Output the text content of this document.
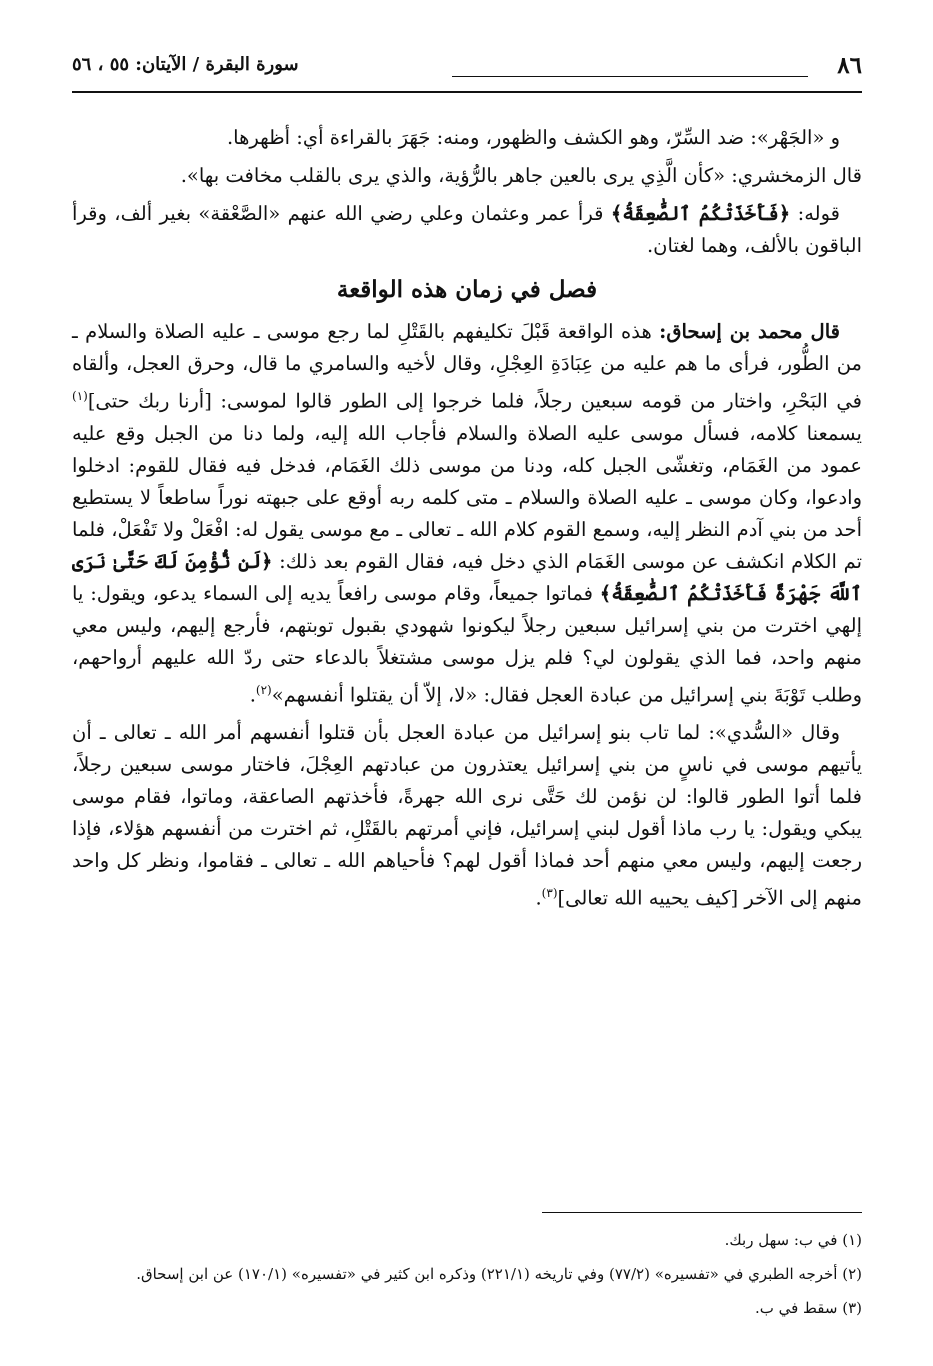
٨٦
سورة البقرة / الآيتان: ٥٥ ، ٥٦

و «الجَهْر»: ضد السِّرّ، وهو الكشف والظهور، ومنه: جَهَرَ بالقراءة أي: أظهرها.

قال الزمخشري: «كأن الَّذِي يرى بالعين جاهر بالرُّؤية، والذي يرى بالقلب مخافت بها».

قوله: ﴿فَأَخَذَتْكُمُ ٱلصَّٰعِقَةُ﴾ قرأ عمر وعثمان وعلي رضي الله عنهم «الصَّعْقة» بغير ألف، وقرأ الباقون بالألف، وهما لغتان.

فصل في زمان هذه الواقعة

قال محمد بن إسحاق: هذه الواقعة قَبْلَ تكليفهم بالقَتْلِ لما رجع موسى ـ عليه الصلاة والسلام ـ من الطُّور، فرأى ما هم عليه من عِبَادَةِ العِجْلِ، وقال لأخيه والسامري ما قال، وحرق العجل، وألقاه في البَحْرِ، واختار من قومه سبعين رجلاً، فلما خرجوا إلى الطور قالوا لموسى: [أرنا ربك حتى]$^{(١)}$ يسمعنا كلامه، فسأل موسى عليه الصلاة والسلام فأجاب الله إليه، ولما دنا من الجبل وقع عليه عمود من الغَمَام، وتغشّى الجبل كله، ودنا من موسى ذلك الغَمَام، فدخل فيه فقال للقوم: ادخلوا وادعوا، وكان موسى ـ عليه الصلاة والسلام ـ متى كلمه ربه أوقع على جبهته نوراً ساطعاً لا يستطيع أحد من بني آدم النظر إليه، وسمع القوم كلام الله ـ تعالى ـ مع موسى يقول له: افْعَلْ ولا تَفْعَلْ، فلما تم الكلام انكشف عن موسى الغَمَام الذي دخل فيه، فقال القوم بعد ذلك: ﴿لَن نُّؤْمِنَ لَكَ حَتَّىٰ نَرَى ٱللَّهَ جَهْرَةً فَأَخَذَتْكُمُ ٱلصَّٰعِقَةُ﴾ فماتوا جميعاً، وقام موسى رافعاً يديه إلى السماء يدعو، ويقول: يا إلهي اخترت من بني إسرائيل سبعين رجلاً ليكونوا شهودي بقبول توبتهم، فأرجع إليهم، وليس معي منهم واحد، فما الذي يقولون لي؟ فلم يزل موسى مشتغلاً بالدعاء حتى ردّ الله عليهم أرواحهم، وطلب تَوْبَةَ بني إسرائيل من عبادة العجل فقال: «لا، إلاّ أن يقتلوا أنفسهم»$^{(٢)}$.

وقال «السُّدي»: لما تاب بنو إسرائيل من عبادة العجل بأن قتلوا أنفسهم أمر الله ـ تعالى ـ أن يأتيهم موسى في ناسٍ من بني إسرائيل يعتذرون من عبادتهم العِجْلَ، فاختار موسى سبعين رجلاً، فلما أتوا الطور قالوا: لن نؤمن لك حَتَّى نرى الله جهرةً، فأخذتهم الصاعقة، وماتوا، فقام موسى يبكي ويقول: يا رب ماذا أقول لبني إسرائيل، فإني أمرتهم بالقَتْلِ، ثم اخترت من أنفسهم هؤلاء، فإذا رجعت إليهم، وليس معي منهم أحد فماذا أقول لهم؟ فأحياهم الله ـ تعالى ـ فقاموا، ونظر كل واحد منهم إلى الآخر [كيف يحييه الله تعالى]$^{(٣)}$.

(١) في ب: سهل ربك.

(٢) أخرجه الطبري في «تفسيره» (٧٧/٢) وفي تاريخه (٢٢١/١) وذكره ابن كثير في «تفسيره» (١٧٠/١) عن ابن إسحاق.

(٣) سقط في ب.
